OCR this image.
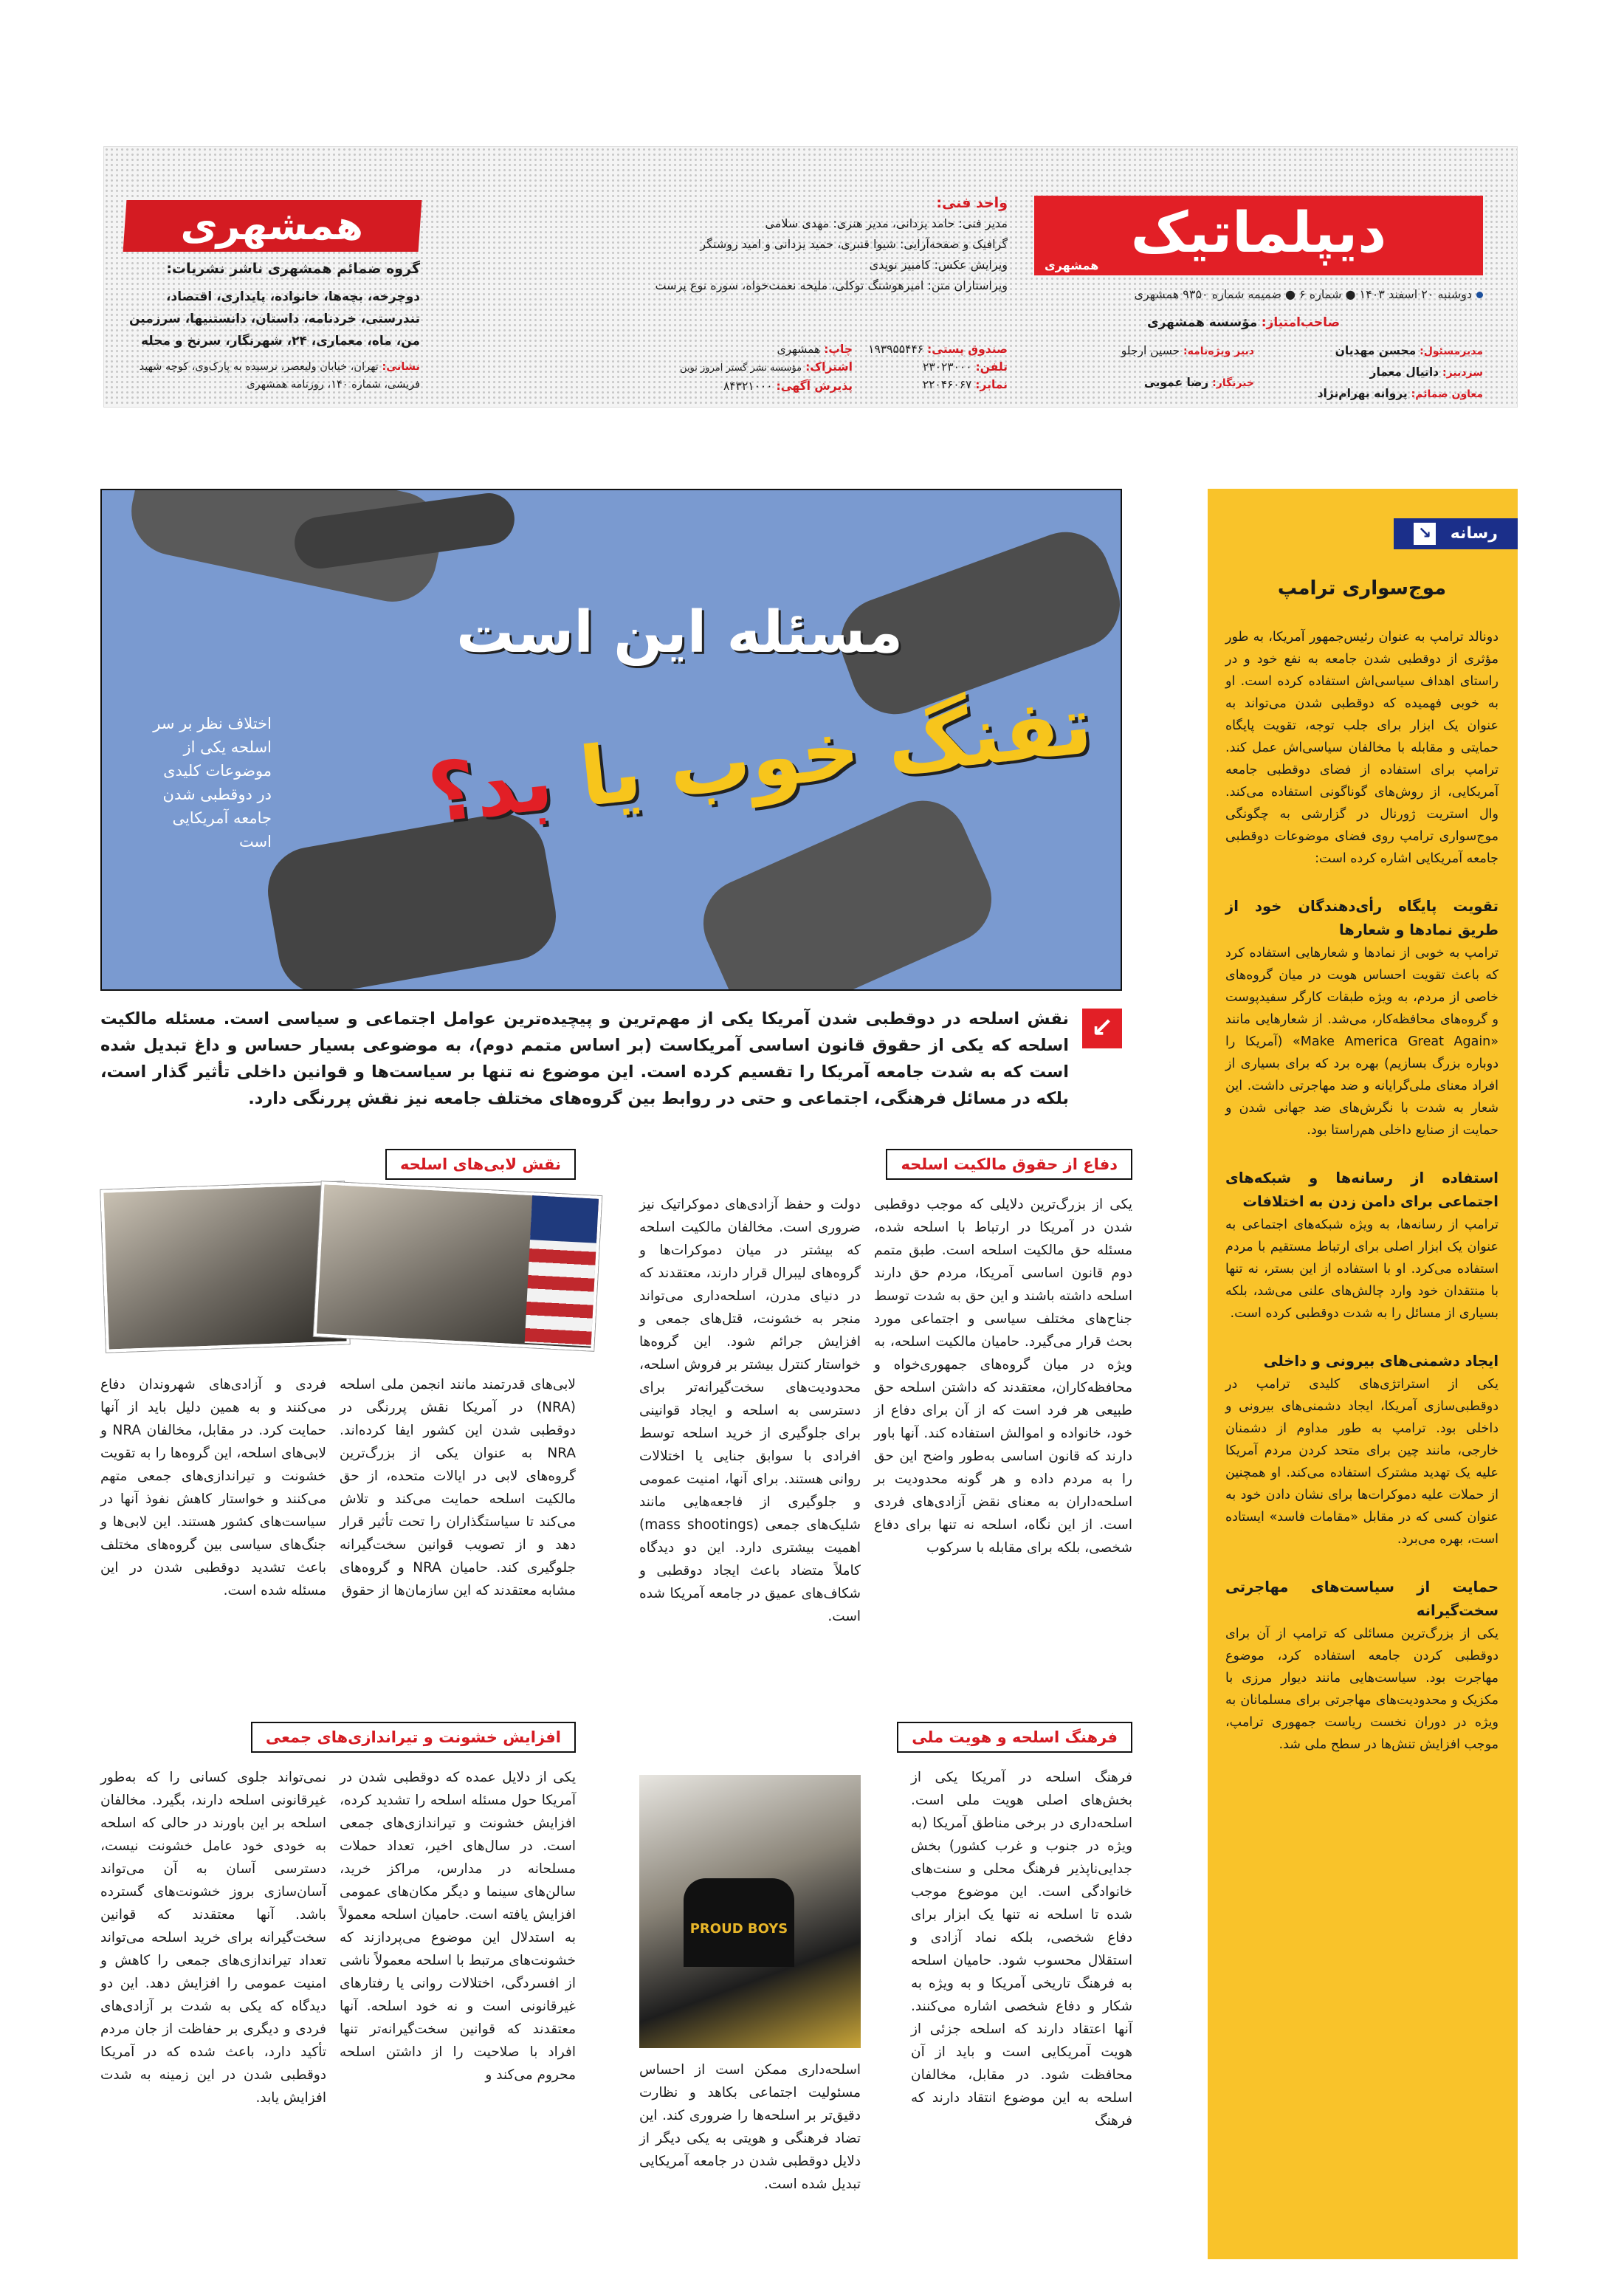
دیپلماتیک
همشهری
دوشنبه ۲۰ اسفند ۱۴۰۳ ● شماره ۶ ● ضمیمه شماره ۹۳۵۰ همشهری
صاحب‌امتیاز: مؤسسه همشهری
مدیرمسئول: محسن مهدیان
سردبیر: داتیال معمار
معاون ضمائم: پروانه بهرام‌نژاد
دبیر ویژه‌نامه: حسین ارجلو
خبرنگار: رضا عمویی
واحد فنی:
مدیر فنی: حامد یزدانی، مدیر هنری: مهدی سلامی
گرافیک و صفحه‌آرایی: شیوا قنبری، حمید یزدانی و امید روشنگر
ویرایش عکس: کامبیز نویدی
ویراستاران متن: امیرهوشنگ توکلی، ملیحه نعمت‌خواه، سوره نوع پرست
صندوق پستی: ۱۹۳۹۵۵۴۴۶
تلفن: ۲۳۰۲۳۰۰۰
نمابر: ۲۲۰۴۶۰۶۷
چاپ: همشهری
اشتراک: مؤسسه نشر گستر امروز نوین
پذیرش آگهی: ۸۴۳۲۱۰۰۰
همشهری
گروه ضمائم همشهری ناشر نشریات:
دوچرخه، بچه‌ها، خانواده، پایداری، اقتصاد، تندرستی، خردنامه، داستان، دانستنیها، سرزمین من، ماه، معماری، ۲۴، شهرنگار، سرنخ و محله
نشانی: تهران، خیابان ولیعصر، نرسیده به پارک‌وی، کوچه شهید فریشی، شماره ۱۴۰، روزنامه همشهری
مسئله این است
تفنگ خوب یا بد؟
اختلاف نظر بر سر اسلحه یکی از موضوعات کلیدی در دوقطبی شدن جامعه آمریکایی است
↙
نقش اسلحه در دوقطبی شدن آمریکا یکی از مهم‌ترین و پیچیده‌ترین عوامل اجتماعی و سیاسی است. مسئله مالکیت اسلحه که یکی از حقوق قانون اساسی آمریکاست (بر اساس متمم دوم)، به موضوعی بسیار حساس و داغ تبدیل شده است که به شدت جامعه آمریکا را تقسیم کرده است. این موضوع نه تنها بر سیاست‌ها و قوانین داخلی تأثیر گذار است، بلکه در مسائل فرهنگی، اجتماعی و حتی در روابط بین گروه‌های مختلف جامعه نیز نقش پررنگی دارد.
رسانه ↘
موج‌سواری ترامپ
دونالد ترامپ به عنوان رئیس‌جمهور آمریکا، به طور مؤثری از دوقطبی شدن جامعه به نفع خود و در راستای اهداف سیاسی‌اش استفاده کرده است. او به خوبی فهمیده که دوقطبی شدن می‌تواند به عنوان یک ابزار برای جلب توجه، تقویت پایگاه حمایتی و مقابله با مخالفان سیاسی‌اش عمل کند. ترامپ برای استفاده از فضای دوقطبی جامعه آمریکایی، از روش‌های گوناگونی استفاده می‌کند. وال استریت ژورنال در گزارشی به چگونگی موج‌سواری ترامپ روی فضای موضوعات دوقطبی جامعه آمریکایی اشاره کرده است:
تقویت پایگاه رأی‌دهندگان خود از طریق نمادها و شعارها
ترامپ به خوبی از نمادها و شعارهایی استفاده کرد که باعث تقویت احساس هویت در میان گروه‌های خاصی از مردم، به ویژه طبقات کارگر سفیدپوست و گروه‌های محافظه‌کار، می‌شد. از شعارهایی مانند «Make America Great Again» (آمریکا را دوباره بزرگ بسازیم) بهره برد که برای بسیاری از افراد معنای ملی‌گرایانه و ضد مهاجرتی داشت. این شعار به شدت با نگرش‌های ضد جهانی شدن و حمایت از صنایع داخلی هم‌راستا بود.
استفاده از رسانه‌ها و شبکه‌های اجتماعی برای دامن زدن به اختلافات
ترامپ از رسانه‌ها، به ویژه شبکه‌های اجتماعی به عنوان یک ابزار اصلی برای ارتباط مستقیم با مردم استفاده می‌کرد. او با استفاده از این بستر، نه تنها با منتقدان خود وارد چالش‌های علنی می‌شد، بلکه بسیاری از مسائل را به شدت دوقطبی کرده است.
ایجاد دشمنی‌های بیرونی و داخلی
یکی از استراتژی‌های کلیدی ترامپ در دوقطبی‌سازی آمریکا، ایجاد دشمنی‌های بیرونی و داخلی بود. ترامپ به طور مداوم از دشمنان خارجی، مانند چین برای متحد کردن مردم آمریکا علیه یک تهدید مشترک استفاده می‌کند. او همچنین از حملات علیه دموکرات‌ها برای نشان دادن خود به عنوان کسی که در مقابل «مقامات فاسد» ایستاده است، بهره می‌برد.
حمایت از سیاست‌های مهاجرتی سخت‌گیرانه
یکی از بزرگ‌ترین مسائلی که ترامپ از آن برای دوقطبی کردن جامعه استفاده کرد، موضوع مهاجرت بود. سیاست‌هایی مانند دیوار مرزی با مکزیک و محدودیت‌های مهاجرتی برای مسلمانان به ویژه در دوران نخست ریاست جمهوری ترامپ، موجب افزایش تنش‌ها در سطح ملی شد.
دفاع از حقوق مالکیت اسلحه
یکی از بزرگ‌ترین دلایلی که موجب دوقطبی شدن در آمریکا در ارتباط با اسلحه شده، مسئله حق مالکیت اسلحه است. طبق متمم دوم قانون اساسی آمریکا، مردم حق دارند اسلحه داشته باشند و این حق به شدت توسط جناح‌های مختلف سیاسی و اجتماعی مورد بحث قرار می‌گیرد. حامیان مالکیت اسلحه، به ویژه در میان گروه‌های جمهوری‌خواه و محافظه‌کاران، معتقدند که داشتن اسلحه حق طبیعی هر فرد است که از آن برای دفاع از خود، خانواده و اموالش استفاده کند. آنها باور دارند که قانون اساسی به‌طور واضح این حق را به مردم داده و هر گونه محدودیت بر اسلحه‌داران به معنای نقض آزادی‌های فردی است. از این نگاه، اسلحه نه تنها برای دفاع شخصی، بلکه برای مقابله با سرکوب
دولت و حفظ آزادی‌های دموکراتیک نیز ضروری است. مخالفان مالکیت اسلحه که بیشتر در میان دموکرات‌ها و گروه‌های لیبرال قرار دارند، معتقدند که در دنیای مدرن، اسلحه‌داری می‌تواند منجر به خشونت، قتل‌های جمعی و افزایش جرائم شود. این گروه‌ها خواستار کنترل بیشتر بر فروش اسلحه، محدودیت‌های سخت‌گیرانه‌تر برای دسترسی به اسلحه و ایجاد قوانینی برای جلوگیری از خرید اسلحه توسط افرادی با سوابق جنایی یا اختلالات روانی هستند. برای آنها، امنیت عمومی و جلوگیری از فاجعه‌هایی مانند شلیک‌های جمعی (mass shootings) اهمیت بیشتری دارد. این دو دیدگاه کاملاً متضاد باعث ایجاد دوقطبی و شکاف‌های عمیق در جامعه آمریکا شده است.
نقش لابی‌های اسلحه
لابی‌های قدرتمند مانند انجمن ملی اسلحه (NRA) در آمریکا نقش پررنگی در دوقطبی شدن این کشور ایفا کرده‌اند. NRA به عنوان یکی از بزرگ‌ترین گروه‌های لابی در ایالات متحده، از حق مالکیت اسلحه حمایت می‌کند و تلاش می‌کند تا سیاستگذاران را تحت تأثیر قرار دهد و از تصویب قوانین سخت‌گیرانه جلوگیری کند. حامیان NRA و گروه‌های مشابه معتقدند که این سازمان‌ها از حقوق
فردی و آزادی‌های شهروندان دفاع می‌کنند و به همین دلیل باید از آنها حمایت کرد. در مقابل، مخالفان NRA و لابی‌های اسلحه، این گروه‌ها را به تقویت خشونت و تیراندازی‌های جمعی متهم می‌کنند و خواستار کاهش نفوذ آنها در سیاست‌های کشور هستند. این لابی‌ها و جنگ‌های سیاسی بین گروه‌های مختلف باعث تشدید دوقطبی شدن در این مسئله شده است.
فرهنگ اسلحه و هویت ملی
فرهنگ اسلحه در آمریکا یکی از بخش‌های اصلی هویت ملی است. اسلحه‌داری در برخی مناطق آمریکا (به ویژه در جنوب و غرب کشور) بخش جدایی‌ناپذیر فرهنگ محلی و سنت‌های خانوادگی است. این موضوع موجب شده تا اسلحه نه تنها یک ابزار برای دفاع شخصی، بلکه نماد آزادی و استقلال محسوب شود. حامیان اسلحه به فرهنگ تاریخی آمریکا و به ویژه به شکار و دفاع شخصی اشاره می‌کنند. آنها اعتقاد دارند که اسلحه جزئی از هویت آمریکایی است و باید از آن محافظت شود. در مقابل، مخالفان اسلحه به این موضوع انتقاد دارند که فرهنگ
PROUD BOYS
اسلحه‌داری ممکن است از احساس مسئولیت اجتماعی بکاهد و نظارت دقیق‌تر بر اسلحه‌ها را ضروری کند. این تضاد فرهنگی و هویتی به یکی دیگر از دلایل دوقطبی شدن در جامعه آمریکایی تبدیل شده است.
افزایش خشونت و تیراندازی‌های جمعی
یکی از دلایل عمده که دوقطبی شدن در آمریکا حول مسئله اسلحه را تشدید کرده، افزایش خشونت و تیراندازی‌های جمعی است. در سال‌های اخیر، تعداد حملات مسلحانه در مدارس، مراکز خرید، سالن‌های سینما و دیگر مکان‌های عمومی افزایش یافته است. حامیان اسلحه معمولاً به استدلال این موضوع می‌پردازند که خشونت‌های مرتبط با اسلحه معمولاً ناشی از افسردگی، اختلالات روانی یا رفتارهای غیرقانونی است و نه خود اسلحه. آنها معتقدند که قوانین سخت‌گیرانه‌تر تنها افراد با صلاحیت را از داشتن اسلحه محروم می‌کند و
نمی‌تواند جلوی کسانی را که به‌طور غیرقانونی اسلحه دارند، بگیرد. مخالفان اسلحه بر این باورند در حالی که اسلحه به خودی خود عامل خشونت نیست، دسترسی آسان به آن می‌تواند آسان‌سازی بروز خشونت‌های گسترده باشد. آنها معتقدند که قوانین سخت‌گیرانه برای خرید اسلحه می‌تواند تعداد تیراندازی‌های جمعی را کاهش و امنیت عمومی را افزایش دهد. این دو دیدگاه که یکی به شدت بر آزادی‌های فردی و دیگری بر حفاظت از جان مردم تأکید دارد، باعث شده که در آمریکا دوقطبی شدن در این زمینه به شدت افزایش یابد.
